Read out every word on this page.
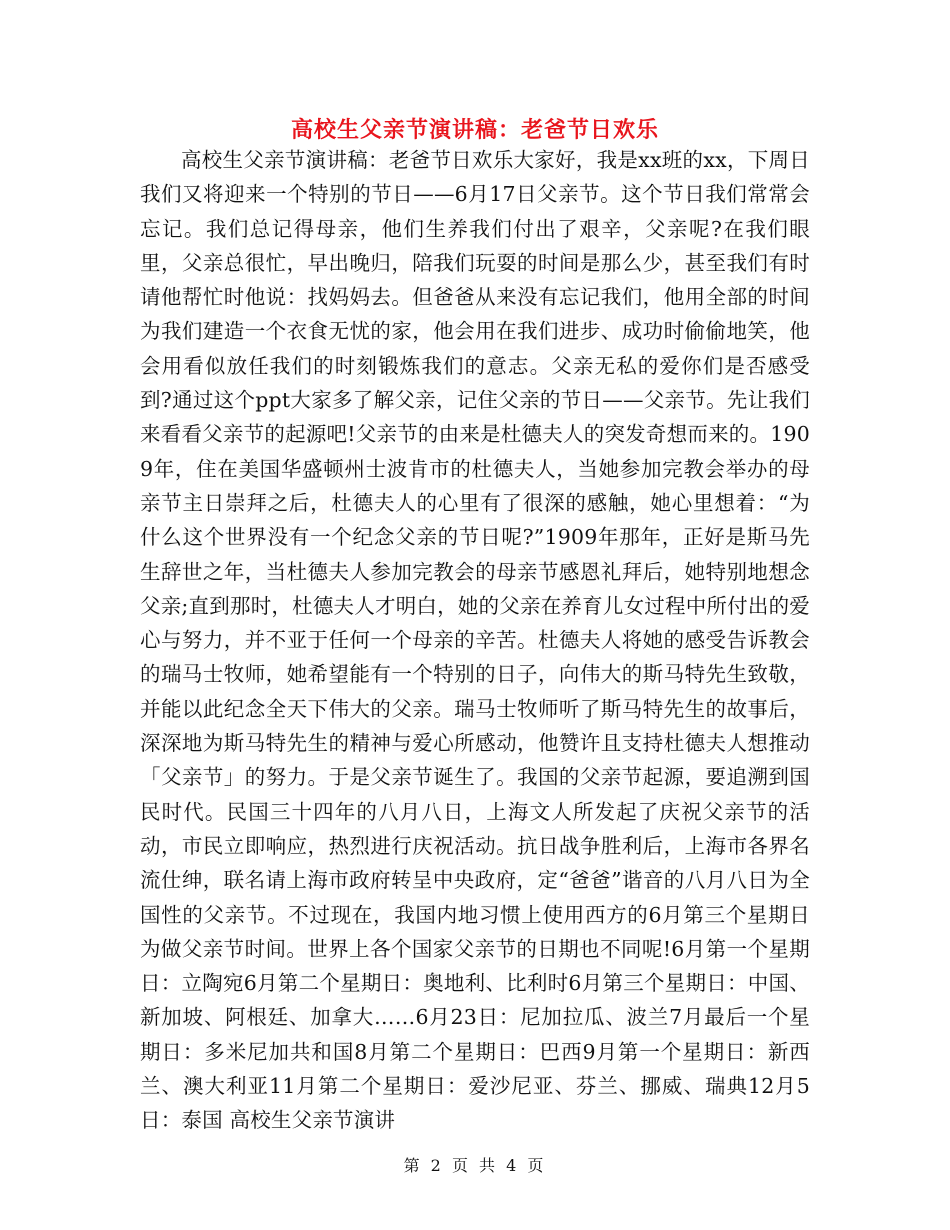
高校生父亲节演讲稿：老爸节日欢乐

高校生父亲节演讲稿：老爸节日欢乐大家好，我是xx班的xx，下周日我们又将迎来一个特别的节日——6月17日父亲节。这个节日我们常常会忘记。我们总记得母亲，他们生养我们付出了艰辛，父亲呢?在我们眼里，父亲总很忙，早出晚归，陪我们玩耍的时间是那么少，甚至我们有时请他帮忙时他说：找妈妈去。但爸爸从来没有忘记我们，他用全部的时间为我们建造一个衣食无忧的家，他会用在我们进步、成功时偷偷地笑，他会用看似放任我们的时刻锻炼我们的意志。父亲无私的爱你们是否感受到?通过这个ppt大家多了解父亲，记住父亲的节日——父亲节。先让我们来看看父亲节的起源吧!父亲节的由来是杜德夫人的突发奇想而来的。1909年，住在美国华盛顿州士波肯市的杜德夫人，当她参加完教会举办的母亲节主日崇拜之后，杜德夫人的心里有了很深的感触，她心里想着：“为什么这个世界没有一个纪念父亲的节日呢?”1909年那年，正好是斯马先生辞世之年，当杜德夫人参加完教会的母亲节感恩礼拜后，她特别地想念父亲;直到那时，杜德夫人才明白，她的父亲在养育儿女过程中所付出的爱心与努力，并不亚于任何一个母亲的辛苦。杜德夫人将她的感受告诉教会的瑞马士牧师，她希望能有一个特别的日子，向伟大的斯马特先生致敬，并能以此纪念全天下伟大的父亲。瑞马士牧师听了斯马特先生的故事后，深深地为斯马特先生的精神与爱心所感动，他赞许且支持杜德夫人想推动「父亲节」的努力。于是父亲节诞生了。我国的父亲节起源，要追溯到国民时代。民国三十四年的八月八日，上海文人所发起了庆祝父亲节的活动，市民立即响应，热烈进行庆祝活动。抗日战争胜利后，上海市各界名流仕绅，联名请上海市政府转呈中央政府，定“爸爸”谐音的八月八日为全国性的父亲节。不过现在，我国内地习惯上使用西方的6月第三个星期日为做父亲节时间。世界上各个国家父亲节的日期也不同呢!6月第一个星期日：立陶宛6月第二个星期日：奥地利、比利时6月第三个星期日：中国、新加坡、阿根廷、加拿大……6月23日：尼加拉瓜、波兰7月最后一个星期日：多米尼加共和国8月第二个星期日：巴西9月第一个星期日：新西兰、澳大利亚11月第二个星期日：爱沙尼亚、芬兰、挪威、瑞典12月5日：泰国 高校生父亲节演讲

第 2 页 共 4 页
